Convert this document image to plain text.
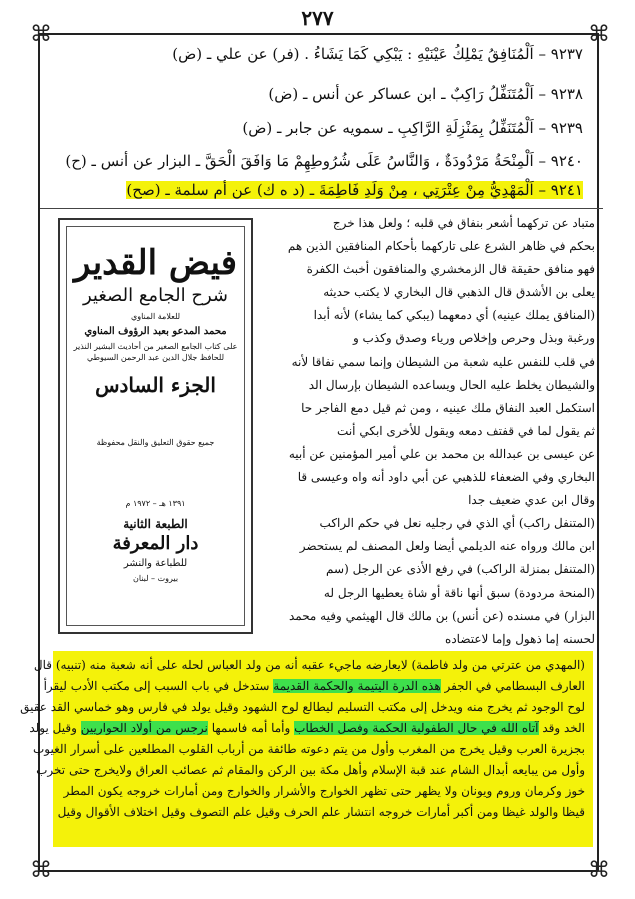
⌘	⌘
⌘	⌘
٢٧٧
٩٢٣٧ – اَلْمُنَافِقُ يَمْلِكُ عَيْنَيْهِ : يَبْكِي كَمَا يَشَاءُ . (فر) عن علي ـ (ض)
٩٢٣٨ – اَلْمُتَنَفِّلُ رَاكِبٌ ـ ابن عساكر عن أنس ـ (ض)
٩٢٣٩ – اَلْمُتَنَفِّلُ بِمَنْزِلَةِ الرَّاكِبِ ـ سمويه عن جابر ـ (ض)
٩٢٤٠ – اَلْمِنْحَةُ مَرْدُودَةٌ ، وَالنَّاسُ عَلَى شُرُوطِهِمْ مَا وَافَقَ الْحَقَّ ـ البزار عن أنس ـ (ح)
٩٢٤١ – اَلْمَهْدِيُّ مِنْ عِتْرَتِي ، مِنْ وَلَدِ فَاطِمَةَ ـ (د ه ك) عن أم سلمة ـ (صح)
متباد عن تركهما أشعر بنفاق في قلبه ؛ ولعل هذا خرج
بحكم في ظاهر الشرع على تاركهما بأحكام المنافقين الذين هم
فهو منافق حقيقة قال الزمخشري والمنافقون أخبث الكفرة
يعلى بن الأشدق قال الذهبي قال البخاري لا يكتب حديثه
(المنافق يملك عينيه) أي دمعهما (يبكي كما يشاء) لأنه أبدا
ورغبة وبذل وحرص وإخلاص ورياء وصدق وكذب و
في قلب للنفس عليه شعبة من الشيطان وإنما سمي نفاقا لأنه
والشيطان يخلط عليه الحال ويساعده الشيطان بإرسال الد
استكمل العبد النفاق ملك عينيه ، ومن ثم قيل دمع الفاجر حا
ثم يقول لما في قفتف دمعه ويقول للأخرى ابكي أنت
عن عيسى بن عبدالله بن محمد بن علي أمير المؤمنين عن أبيه
البخاري وفي الضعفاء للذهبي عن أبي داود أنه واه وعيسى قا
وقال ابن عدي ضعيف جدا
(المتنفل راكب) أي الذي في رجليه نعل في حكم الراكب
ابن مالك ورواه عنه الديلمي أيضا ولعل المصنف لم يستحضر
(المتنفل بمنزلة الراكب) في رفع الأذى عن الرجل (سم
(المنحة مردودة) سبق أنها ناقة أو شاة يعطيها الرجل له
البزار) في مسنده (عن أنس) بن مالك قال الهيثمي وفيه محمد
لحسنه إما ذهول وإما لاعتضاده
فيض القدير
شرح الجامع الصغير
للعلامة المناوي
محمد المدعو بعبد الرؤوف المناوي
على كتاب الجامع الصغير من أحاديث البشير النذير للحافظ جلال الدين عبد الرحمن السيوطي
الجزء السادس
جميع حقوق التعليق والنقل محفوظة
١٣٩١ هـ – ١٩٧٢ م
الطبعة الثانية
دار المعرفة
للطباعة والنشر
بيروت – لبنان
(المهدي من عترتي من ولد فاطمة) لايعارضه ماجيء عقبه أنه من ولد العباس لحله على أنه شعبة منه (تنبيه) قال
العارف البسطامي في الجفر هذه الدرة اليتيمة والحكمة القديمة ستدخل في باب السبب إلى مكتب الأدب ليقرأ
لوح الوجود ثم يخرج منه ويدخل إلى مكتب التسليم ليطالع لوح الشهود وقيل يولد في فارس وهو خماسي القد عقيق
الخد وقد آتاه الله في حال الطفولية الحكمة وفصل الخطاب وأما أمه فاسمها نرجس من أولاد الحواريين وقيل يولد
بجزيرة العرب وقيل يخرج من المغرب وأول من يتم دعوته طائفة من أرباب القلوب المطلعين على أسرار الغيوب
وأول من يبايعه أبدال الشام عند قبة الإسلام وأهل مكة بين الركن والمقام ثم عصائب العراق ولايخرج حتى تخرب
خوز وكرمان وروم ويونان ولا يظهر حتى تظهر الخوارج والأشرار والخوارج ومن أمارات خروجه يكون المطر
قيظا والولد غيظا ومن أكبر أمارات خروجه انتشار علم الحرف وقيل علم التصوف وقيل اختلاف الأقوال وقيل
